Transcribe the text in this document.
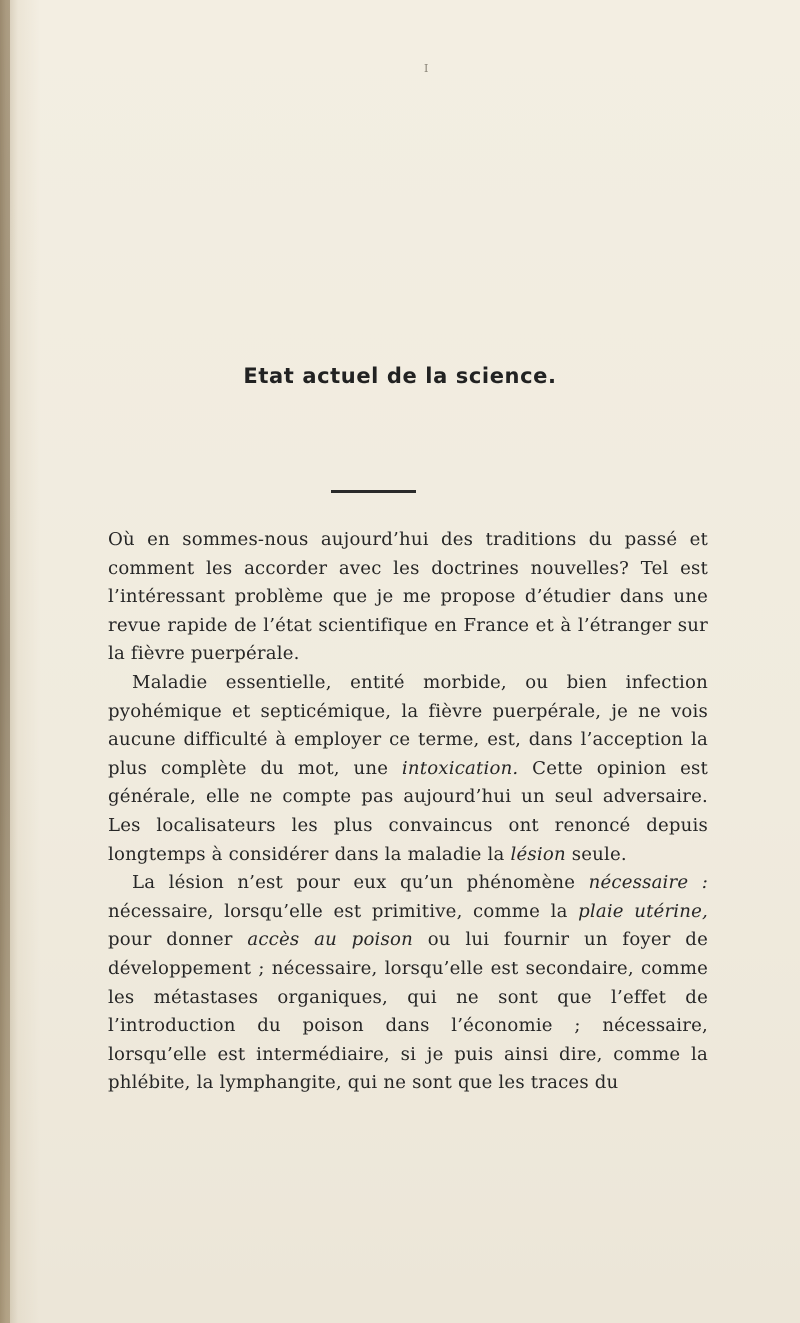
I
Etat actuel de la science.

Où en sommes-nous aujourd’hui des traditions du passé et comment les accorder avec les doctrines nouvelles? Tel est l’intéressant problème que je me propose d’étudier dans une revue rapide de l’état scientifique en France et à l’étranger sur la fièvre puerpérale.

Maladie essentielle, entité morbide, ou bien infection pyohémique et septicémique, la fièvre puerpérale, je ne vois aucune difficulté à employer ce terme, est, dans l’acception la plus complète du mot, une intoxication. Cette opinion est générale, elle ne compte pas aujourd’hui un seul adversaire. Les localisateurs les plus convaincus ont renoncé depuis longtemps à considérer dans la maladie la lésion seule.

La lésion n’est pour eux qu’un phénomène nécessaire : nécessaire, lorsqu’elle est primitive, comme la plaie utérine, pour donner accès au poison ou lui fournir un foyer de développement ; nécessaire, lorsqu’elle est secondaire, comme les métastases organiques, qui ne sont que l’effet de l’introduction du poison dans l’économie ; nécessaire, lorsqu’elle est intermédiaire, si je puis ainsi dire, comme la phlébite, la lymphangite, qui ne sont que les traces du
